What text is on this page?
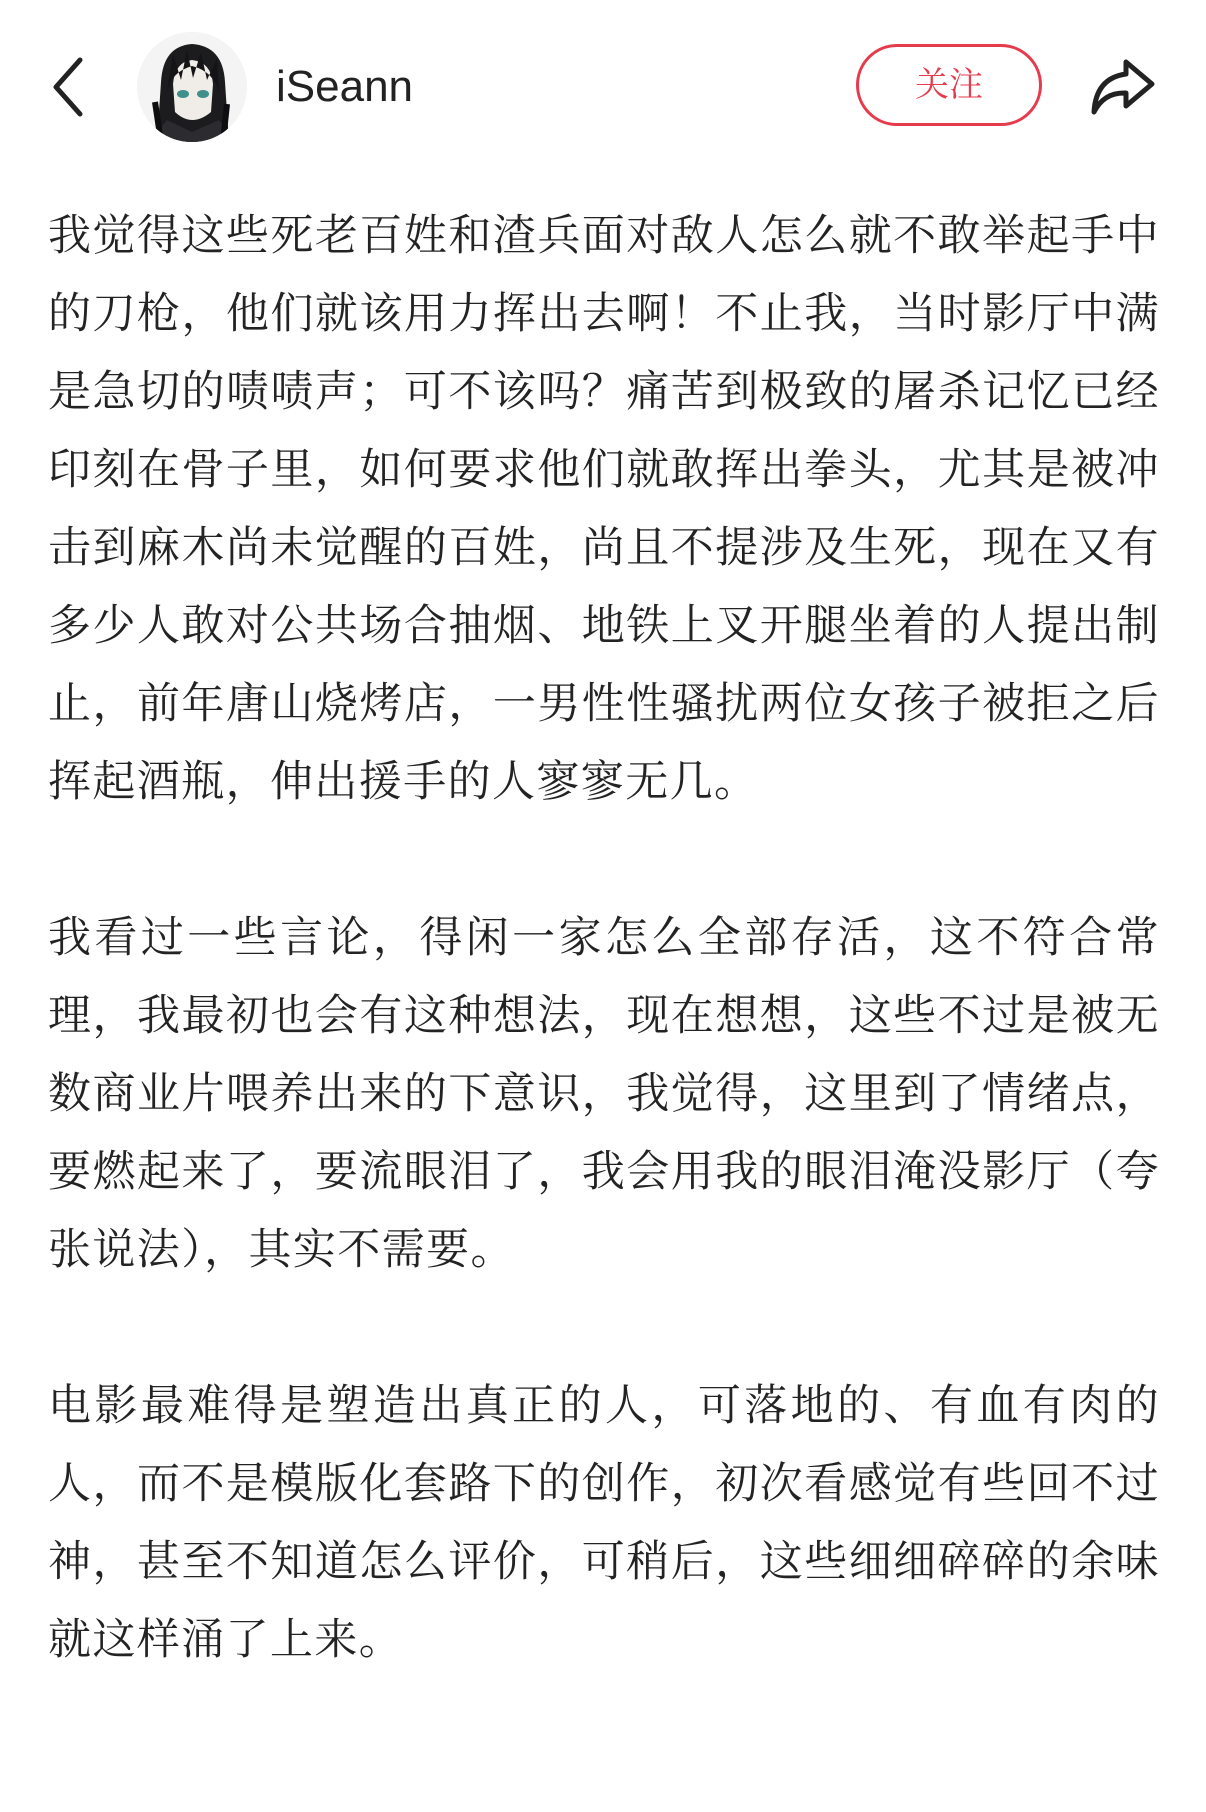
iSeann	关注

我觉得这些死老百姓和渣兵面对敌人怎么就不敢举起手中的刀枪，他们就该用力挥出去啊！不止我，当时影厅中满是急切的啧啧声；可不该吗？痛苦到极致的屠杀记忆已经印刻在骨子里，如何要求他们就敢挥出拳头，尤其是被冲击到麻木尚未觉醒的百姓，尚且不提涉及生死，现在又有多少人敢对公共场合抽烟、地铁上叉开腿坐着的人提出制止，前年唐山烧烤店，一男性性骚扰两位女孩子被拒之后挥起酒瓶，伸出援手的人寥寥无几。

我看过一些言论，得闲一家怎么全部存活，这不符合常理，我最初也会有这种想法，现在想想，这些不过是被无数商业片喂养出来的下意识，我觉得，这里到了情绪点，要燃起来了，要流眼泪了，我会用我的眼泪淹没影厅（夸张说法），其实不需要。

电影最难得是塑造出真正的人，可落地的、有血有肉的人，而不是模版化套路下的创作，初次看感觉有些回不过神，甚至不知道怎么评价，可稍后，这些细细碎碎的余味就这样涌了上来。
